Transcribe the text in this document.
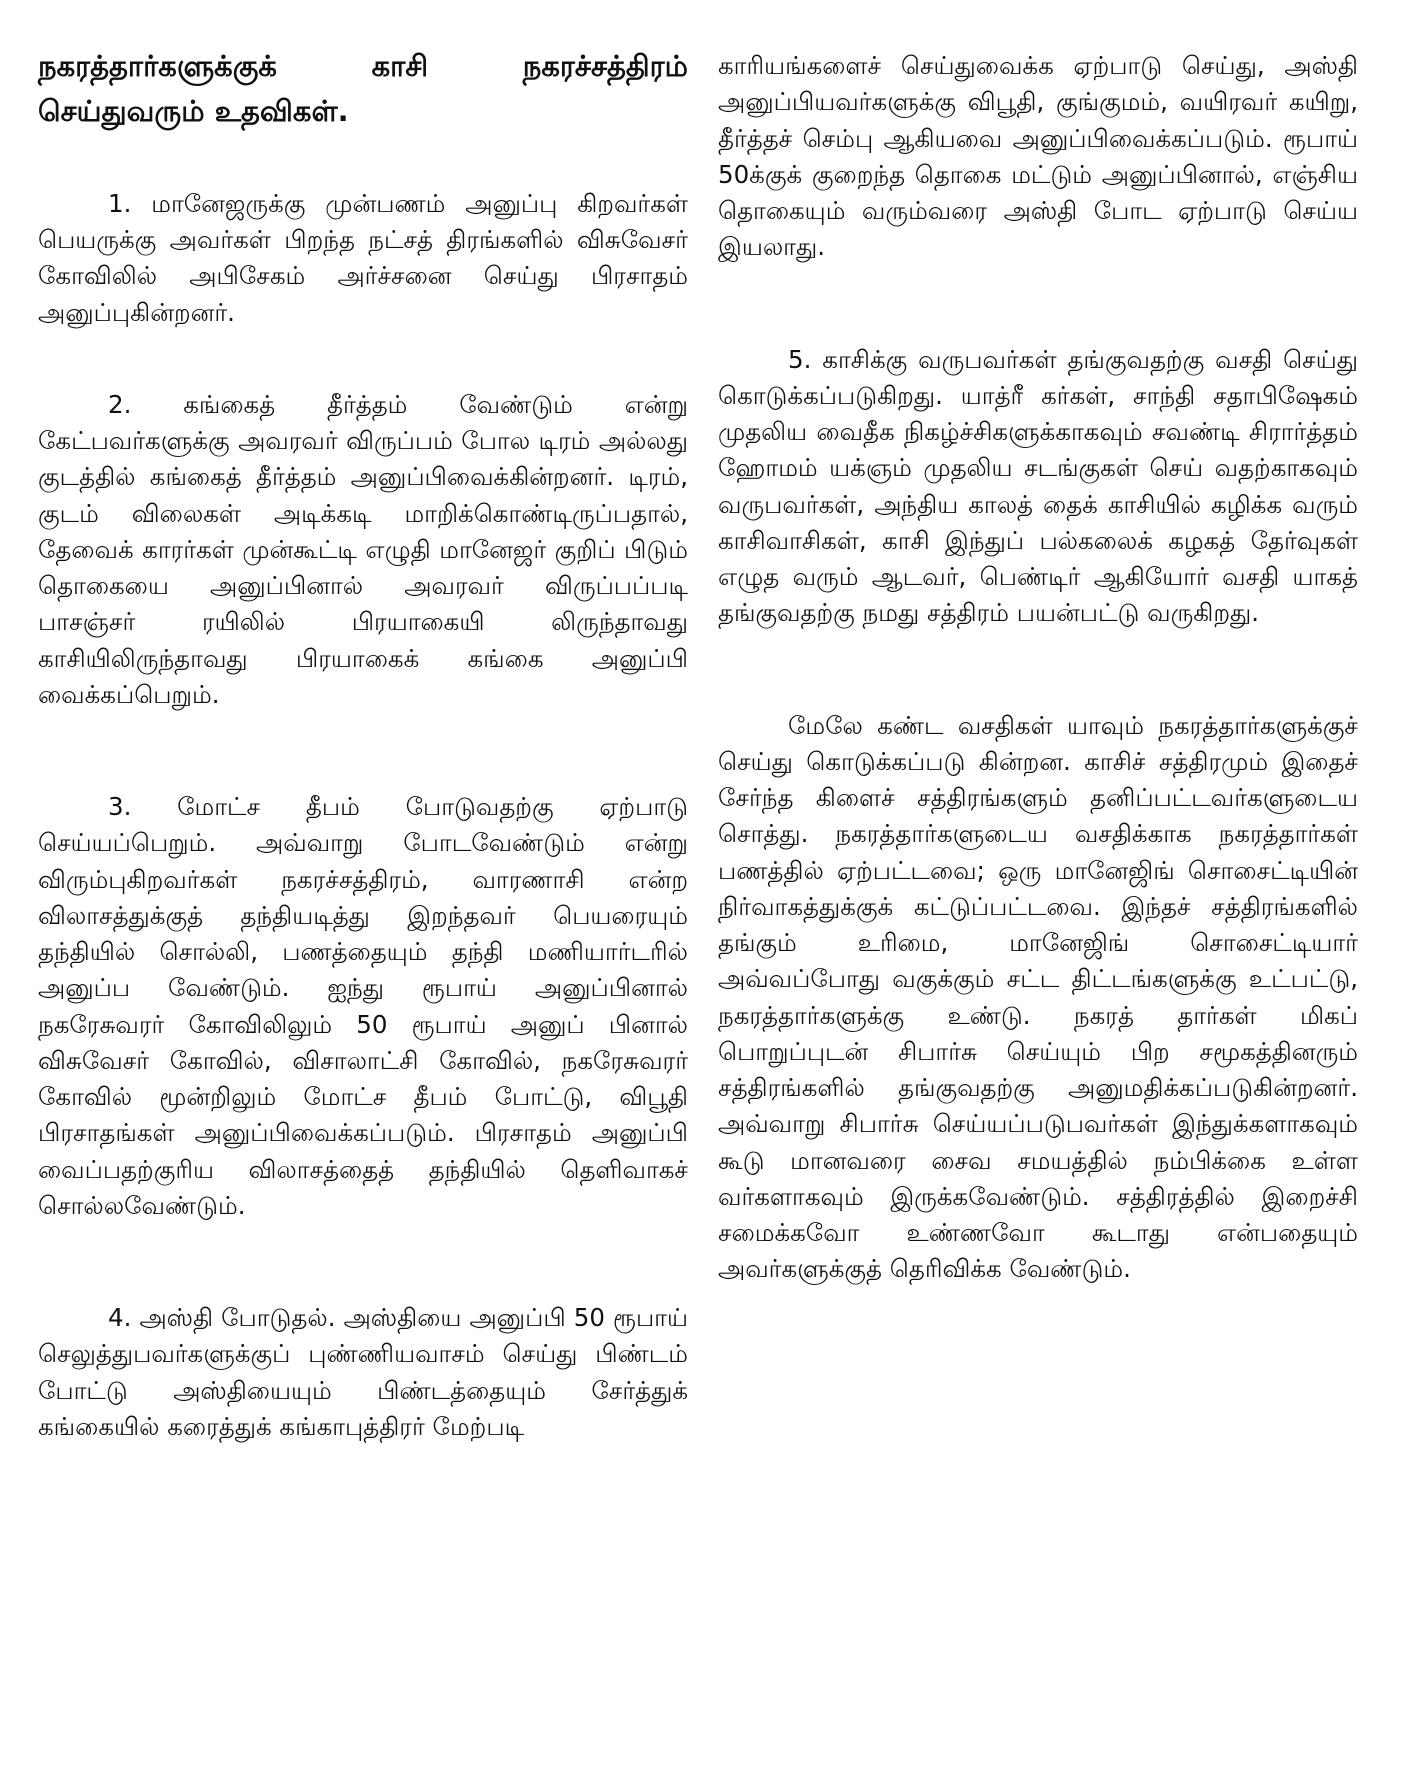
நகரத்தார்களுக்குக் காசி நகரச்சத்திரம் செய்துவரும் உதவிகள்.

1. மானேஜருக்கு முன்பணம் அனுப்பு கிறவர்கள் பெயருக்கு அவர்கள் பிறந்த நட்சத் திரங்களில் விசுவேசர் கோவிலில் அபிசேகம் அர்ச்சனை செய்து பிரசாதம் அனுப்புகின்றனர்.

2. கங்கைத் தீர்த்தம் வேண்டும் என்று கேட்பவர்களுக்கு அவரவர் விருப்பம் போல டிரம் அல்லது குடத்தில் கங்கைத் தீர்த்தம் அனுப்பிவைக்கின்றனர். டிரம், குடம் விலைகள் அடிக்கடி மாறிக்கொண்டிருப்பதால், தேவைக் காரர்கள் முன்கூட்டி எழுதி மானேஜர் குறிப் பிடும் தொகையை அனுப்பினால் அவரவர் விருப்பப்படி பாசஞ்சர் ரயிலில் பிரயாகையி லிருந்தாவது காசியிலிருந்தாவது பிரயாகைக் கங்கை அனுப்பி வைக்கப்பெறும்.

3. மோட்ச தீபம் போடுவதற்கு ஏற்பாடு செய்யப்பெறும். அவ்வாறு போடவேண்டும் என்று விரும்புகிறவர்கள் நகரச்சத்திரம், வாரணாசி என்ற விலாசத்துக்குத் தந்தியடித்து இறந்தவர் பெயரையும் தந்தியில் சொல்லி, பணத்தையும் தந்தி மணியார்டரில் அனுப்ப வேண்டும். ஐந்து ரூபாய் அனுப்பினால் நகரேசுவரர் கோவிலிலும் 50 ரூபாய் அனுப் பினால் விசுவேசர் கோவில், விசாலாட்சி கோவில், நகரேசுவரர் கோவில் மூன்றிலும் மோட்ச தீபம் போட்டு, விபூதி பிரசாதங்கள் அனுப்பிவைக்கப்படும். பிரசாதம் அனுப்பி வைப்பதற்குரிய விலாசத்தைத் தந்தியில் தெளிவாகச் சொல்லவேண்டும்.

4. அஸ்தி போடுதல். அஸ்தியை அனுப்பி 50 ரூபாய் செலுத்துபவர்களுக்குப் புண்ணியவாசம் செய்து பிண்டம் போட்டு அஸ்தியையும் பிண்டத்தையும் சேர்த்துக் கங்கையில் கரைத்துக் கங்காபுத்திரர் மேற்படி

காரியங்களைச் செய்துவைக்க ஏற்பாடு செய்து, அஸ்தி அனுப்பியவர்களுக்கு விபூதி, குங்குமம், வயிரவர் கயிறு, தீர்த்தச் செம்பு ஆகியவை அனுப்பிவைக்கப்படும். ரூபாய் 50க்குக் குறைந்த தொகை மட்டும் அனுப்பினால், எஞ்சிய தொகையும் வரும்வரை அஸ்தி போட ஏற்பாடு செய்ய இயலாது.

5. காசிக்கு வருபவர்கள் தங்குவதற்கு வசதி செய்து கொடுக்கப்படுகிறது. யாத்ரீ கர்கள், சாந்தி சதாபிஷேகம் முதலிய வைதீக நிகழ்ச்சிகளுக்காகவும் சவண்டி சிரார்த்தம் ஹோமம் யக்ஞம் முதலிய சடங்குகள் செய் வதற்காகவும் வருபவர்கள், அந்திய காலத் தைக் காசியில் கழிக்க வரும் காசிவாசிகள், காசி இந்துப் பல்கலைக் கழகத் தேர்வுகள் எழுத வரும் ஆடவர், பெண்டிர் ஆகியோர் வசதி யாகத் தங்குவதற்கு நமது சத்திரம் பயன்பட்டு வருகிறது.

மேலே கண்ட வசதிகள் யாவும் நகரத்தார்களுக்குச் செய்து கொடுக்கப்படு கின்றன. காசிச் சத்திரமும் இதைச் சேர்ந்த கிளைச் சத்திரங்களும் தனிப்பட்டவர்களுடைய சொத்து. நகரத்தார்களுடைய வசதிக்காக நகரத்தார்கள் பணத்தில் ஏற்பட்டவை; ஒரு மானேஜிங் சொசைட்டியின் நிர்வாகத்துக்குக் கட்டுப்பட்டவை. இந்தச் சத்திரங்களில் தங்கும் உரிமை, மானேஜிங் சொசைட்டியார் அவ்வப்போது வகுக்கும் சட்ட திட்டங்களுக்கு உட்பட்டு, நகரத்தார்களுக்கு உண்டு. நகரத் தார்கள் மிகப் பொறுப்புடன் சிபார்சு செய்யும் பிற சமூகத்தினரும் சத்திரங்களில் தங்குவதற்கு அனுமதிக்கப்படுகின்றனர். அவ்வாறு சிபார்சு செய்யப்படுபவர்கள் இந்துக்களாகவும் கூடு மானவரை சைவ சமயத்தில் நம்பிக்கை உள்ள வர்களாகவும் இருக்கவேண்டும். சத்திரத்தில் இறைச்சி சமைக்கவோ உண்ணவோ கூடாது என்பதையும் அவர்களுக்குத் தெரிவிக்க வேண்டும்.
